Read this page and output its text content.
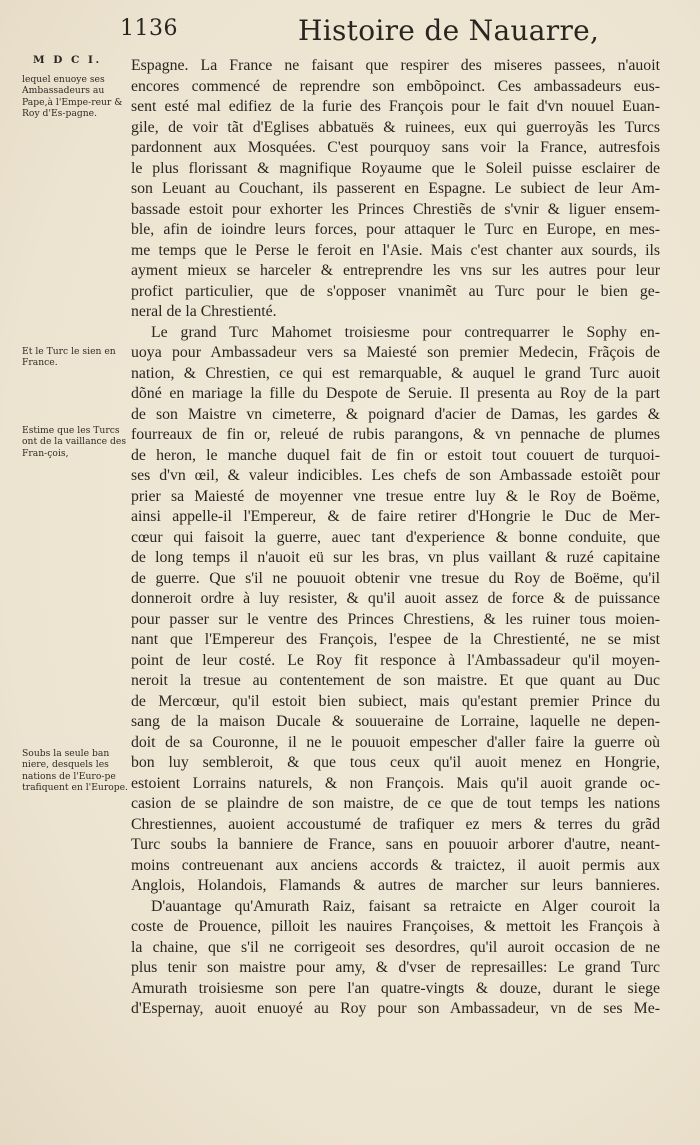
1136	Histoire de Nauarre,
M D C I.
lequel enuoye ses Ambassadeurs au Pape,à l'Empe-reur & Roy d'Es-pagne.
Et le Turc le sien en France.
Estime que les Turcs ont de la vaillance des Fran-çois,
Soubs la seule ban niere, desquels les nations de l'Euro-pe trafiquent en l'Europe.
Espagne. La France ne faisant que respirer des miseres passees, n'auoit
encores commencé de reprendre son embõpoinct. Ces ambassadeurs eus-
sent esté mal edifiez de la furie des François pour le fait d'vn nouuel Euan-
gile, de voir tãt d'Eglises abbatuës & ruinees, eux qui guerroyãs les Turcs
pardonnent aux Mosquées. C'est pourquoy sans voir la France, autresfois
le plus florissant & magnifique Royaume que le Soleil puisse esclairer de
son Leuant au Couchant, ils passerent en Espagne. Le subiect de leur Am-
bassade estoit pour exhorter les Princes Chrestiẽs de s'vnir & liguer ensem-
ble, afin de ioindre leurs forces, pour attaquer le Turc en Europe, en mes-
me temps que le Perse le feroit en l'Asie. Mais c'est chanter aux sourds, ils
ayment mieux se harceler & entreprendre les vns sur les autres pour leur
profict particulier, que de s'opposer vnanimẽt au Turc pour le bien ge-
neral de la Chrestienté.
Le grand Turc Mahomet troisiesme pour contrequarrer le Sophy en-
uoya pour Ambassadeur vers sa Maiesté son premier Medecin, Frãçois de
nation, & Chrestien, ce qui est remarquable, & auquel le grand Turc auoit
dõné en mariage la fille du Despote de Seruie. Il presenta au Roy de la part
de son Maistre vn cimeterre, & poignard d'acier de Damas, les gardes &
fourreaux de fin or, releué de rubis parangons, & vn pennache de plumes
de heron, le manche duquel fait de fin or estoit tout couuert de turquoi-
ses d'vn œil, & valeur indicibles. Les chefs de son Ambassade estoiẽt pour
prier sa Maiesté de moyenner vne tresue entre luy & le Roy de Boëme,
ainsi appelle-il l'Empereur, & de faire retirer d'Hongrie le Duc de Mer-
cœur qui faisoit la guerre, auec tant d'experience & bonne conduite, que
de long temps il n'auoit eü sur les bras, vn plus vaillant & ruzé capitaine
de guerre. Que s'il ne pouuoit obtenir vne tresue du Roy de Boëme, qu'il
donneroit ordre à luy resister, & qu'il auoit assez de force & de puissance
pour passer sur le ventre des Princes Chrestiens, & les ruiner tous moien-
nant que l'Empereur des François, l'espee de la Chrestienté, ne se mist
point de leur costé. Le Roy fit responce à l'Ambassadeur qu'il moyen-
neroit la tresue au contentement de son maistre. Et que quant au Duc
de Mercœur, qu'il estoit bien subiect, mais qu'estant premier Prince du
sang de la maison Ducale & souueraine de Lorraine, laquelle ne depen-
doit de sa Couronne, il ne le pouuoit empescher d'aller faire la guerre où
bon luy sembleroit, & que tous ceux qu'il auoit menez en Hongrie,
estoient Lorrains naturels, & non François. Mais qu'il auoit grande oc-
casion de se plaindre de son maistre, de ce que de tout temps les nations
Chrestiennes, auoient accoustumé de trafiquer ez mers & terres du grãd
Turc soubs la banniere de France, sans en pouuoir arborer d'autre, neant-
moins contreuenant aux anciens accords & traictez, il auoit permis aux
Anglois, Holandois, Flamands & autres de marcher sur leurs bannieres.
D'auantage qu'Amurath Raiz, faisant sa retraicte en Alger couroit la
coste de Prouence, pilloit les nauires Françoises, & mettoit les François à
la chaine, que s'il ne corrigeoit ses desordres, qu'il auroit occasion de ne
plus tenir son maistre pour amy, & d'vser de represailles: Le grand Turc
Amurath troisiesme son pere l'an quatre-vingts & douze, durant le siege
d'Espernay, auoit enuoyé au Roy pour son Ambassadeur, vn de ses Me-
